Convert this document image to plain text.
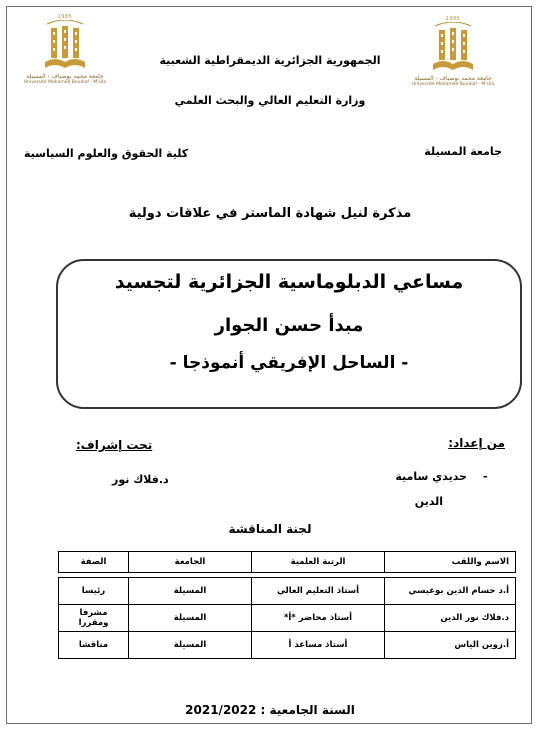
1985
جامعة محمد بوضياف - المسيلة
Université Mohamed Boudiaf - M'sila
1985
جامعة محمد بوضياف - المسيلة
Université Mohamed Boudiaf - M'sila
الجمهورية الجزائرية الديمقراطية الشعبية
وزارة التعليم العالي والبحث العلمي
جامعة المسيلة
كلية الحقوق والعلوم السياسية
مذكرة لنيل شهادة الماستر في علاقات دولية
مساعي الدبلوماسية الجزائرية لتجسيد
مبدأ حسن الجوار
- الساحل الإفريقي أنموذجا -
من إعداد:
-
حديدي سامية
الدين
تحت إشراف:
د.فلاك نور
لجنة المناقشة
الاسم واللقب	الرتبة العلمية	الجامعة	الصفة

أ.د حسام الدين بوعيسي	أستاذ التعليم العالي	المسيلة	رئيسا
د.فلاك نور الدين	أستاذ محاضر *أ*	المسيلة	مشرفا ومقررا
أ.زوين الياس	أستاذ مساعد أ	المسيلة	مناقشا
السنة الجامعية : 2021/2022
